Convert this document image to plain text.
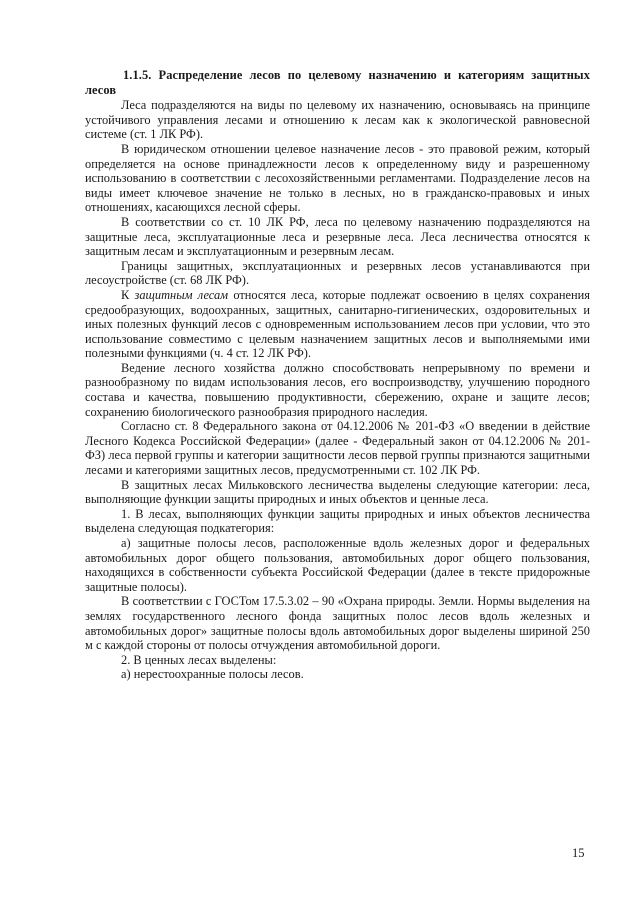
1.1.5. Распределение лесов по целевому назначению и категориям защитных лесов

Леса подразделяются на виды по целевому их назначению, основываясь на принципе устойчивого управления лесами и отношению к лесам как к экологической равновесной системе (ст. 1 ЛК РФ).

В юридическом отношении целевое назначение лесов - это правовой режим, который определяется на основе принадлежности лесов к определенному виду и разрешенному использованию в соответствии с лесохозяйственными регламентами. Подразделение лесов на виды имеет ключевое значение не только в лесных, но в гражданско-правовых и иных отношениях, касающихся лесной сферы.

В соответствии со ст. 10 ЛК РФ, леса по целевому назначению подразделяются на защитные леса, эксплуатационные леса и резервные леса. Леса лесничества относятся к защитным лесам и эксплуатационным и резервным лесам.

Границы защитных, эксплуатационных и резервных лесов устанавливаются при лесоустройстве (ст. 68 ЛК РФ).

К защитным лесам относятся леса, которые подлежат освоению в целях сохранения средообразующих, водоохранных, защитных, санитарно-гигиенических, оздоровительных и иных полезных функций лесов с одновременным использованием лесов при условии, что это использование совместимо с целевым назначением защитных лесов и выполняемыми ими полезными функциями (ч. 4 ст. 12 ЛК РФ).

Ведение лесного хозяйства должно способствовать непрерывному по времени и разнообразному по видам использования лесов, его воспроизводству, улучшению породного состава и качества, повышению продуктивности, сбережению, охране и защите лесов; сохранению биологического разнообразия природного наследия.

Согласно ст. 8 Федерального закона от 04.12.2006 № 201-ФЗ «О введении в действие Лесного Кодекса Российской Федерации» (далее - Федеральный закон от 04.12.2006 № 201-ФЗ) леса первой группы и категории защитности лесов первой группы признаются защитными лесами и категориями защитных лесов, предусмотренными ст. 102 ЛК РФ.

В защитных лесах Мильковского лесничества выделены следующие категории: леса, выполняющие функции защиты природных и иных объектов и ценные леса.

1. В лесах, выполняющих функции защиты природных и иных объектов лесничества выделена следующая подкатегория:

а) защитные полосы лесов, расположенные вдоль железных дорог и федеральных автомобильных дорог общего пользования, автомобильных дорог общего пользования, находящихся в собственности субъекта Российской Федерации (далее в тексте придорожные защитные полосы).

В соответствии с ГОСТом 17.5.3.02 – 90 «Охрана природы. Земли. Нормы выделения на землях государственного лесного фонда защитных полос лесов вдоль железных и автомобильных дорог» защитные полосы вдоль автомобильных дорог выделены шириной 250 м с каждой стороны от полосы отчуждения автомобильной дороги.

2. В ценных лесах выделены:

а) нерестоохранные полосы лесов.

15
